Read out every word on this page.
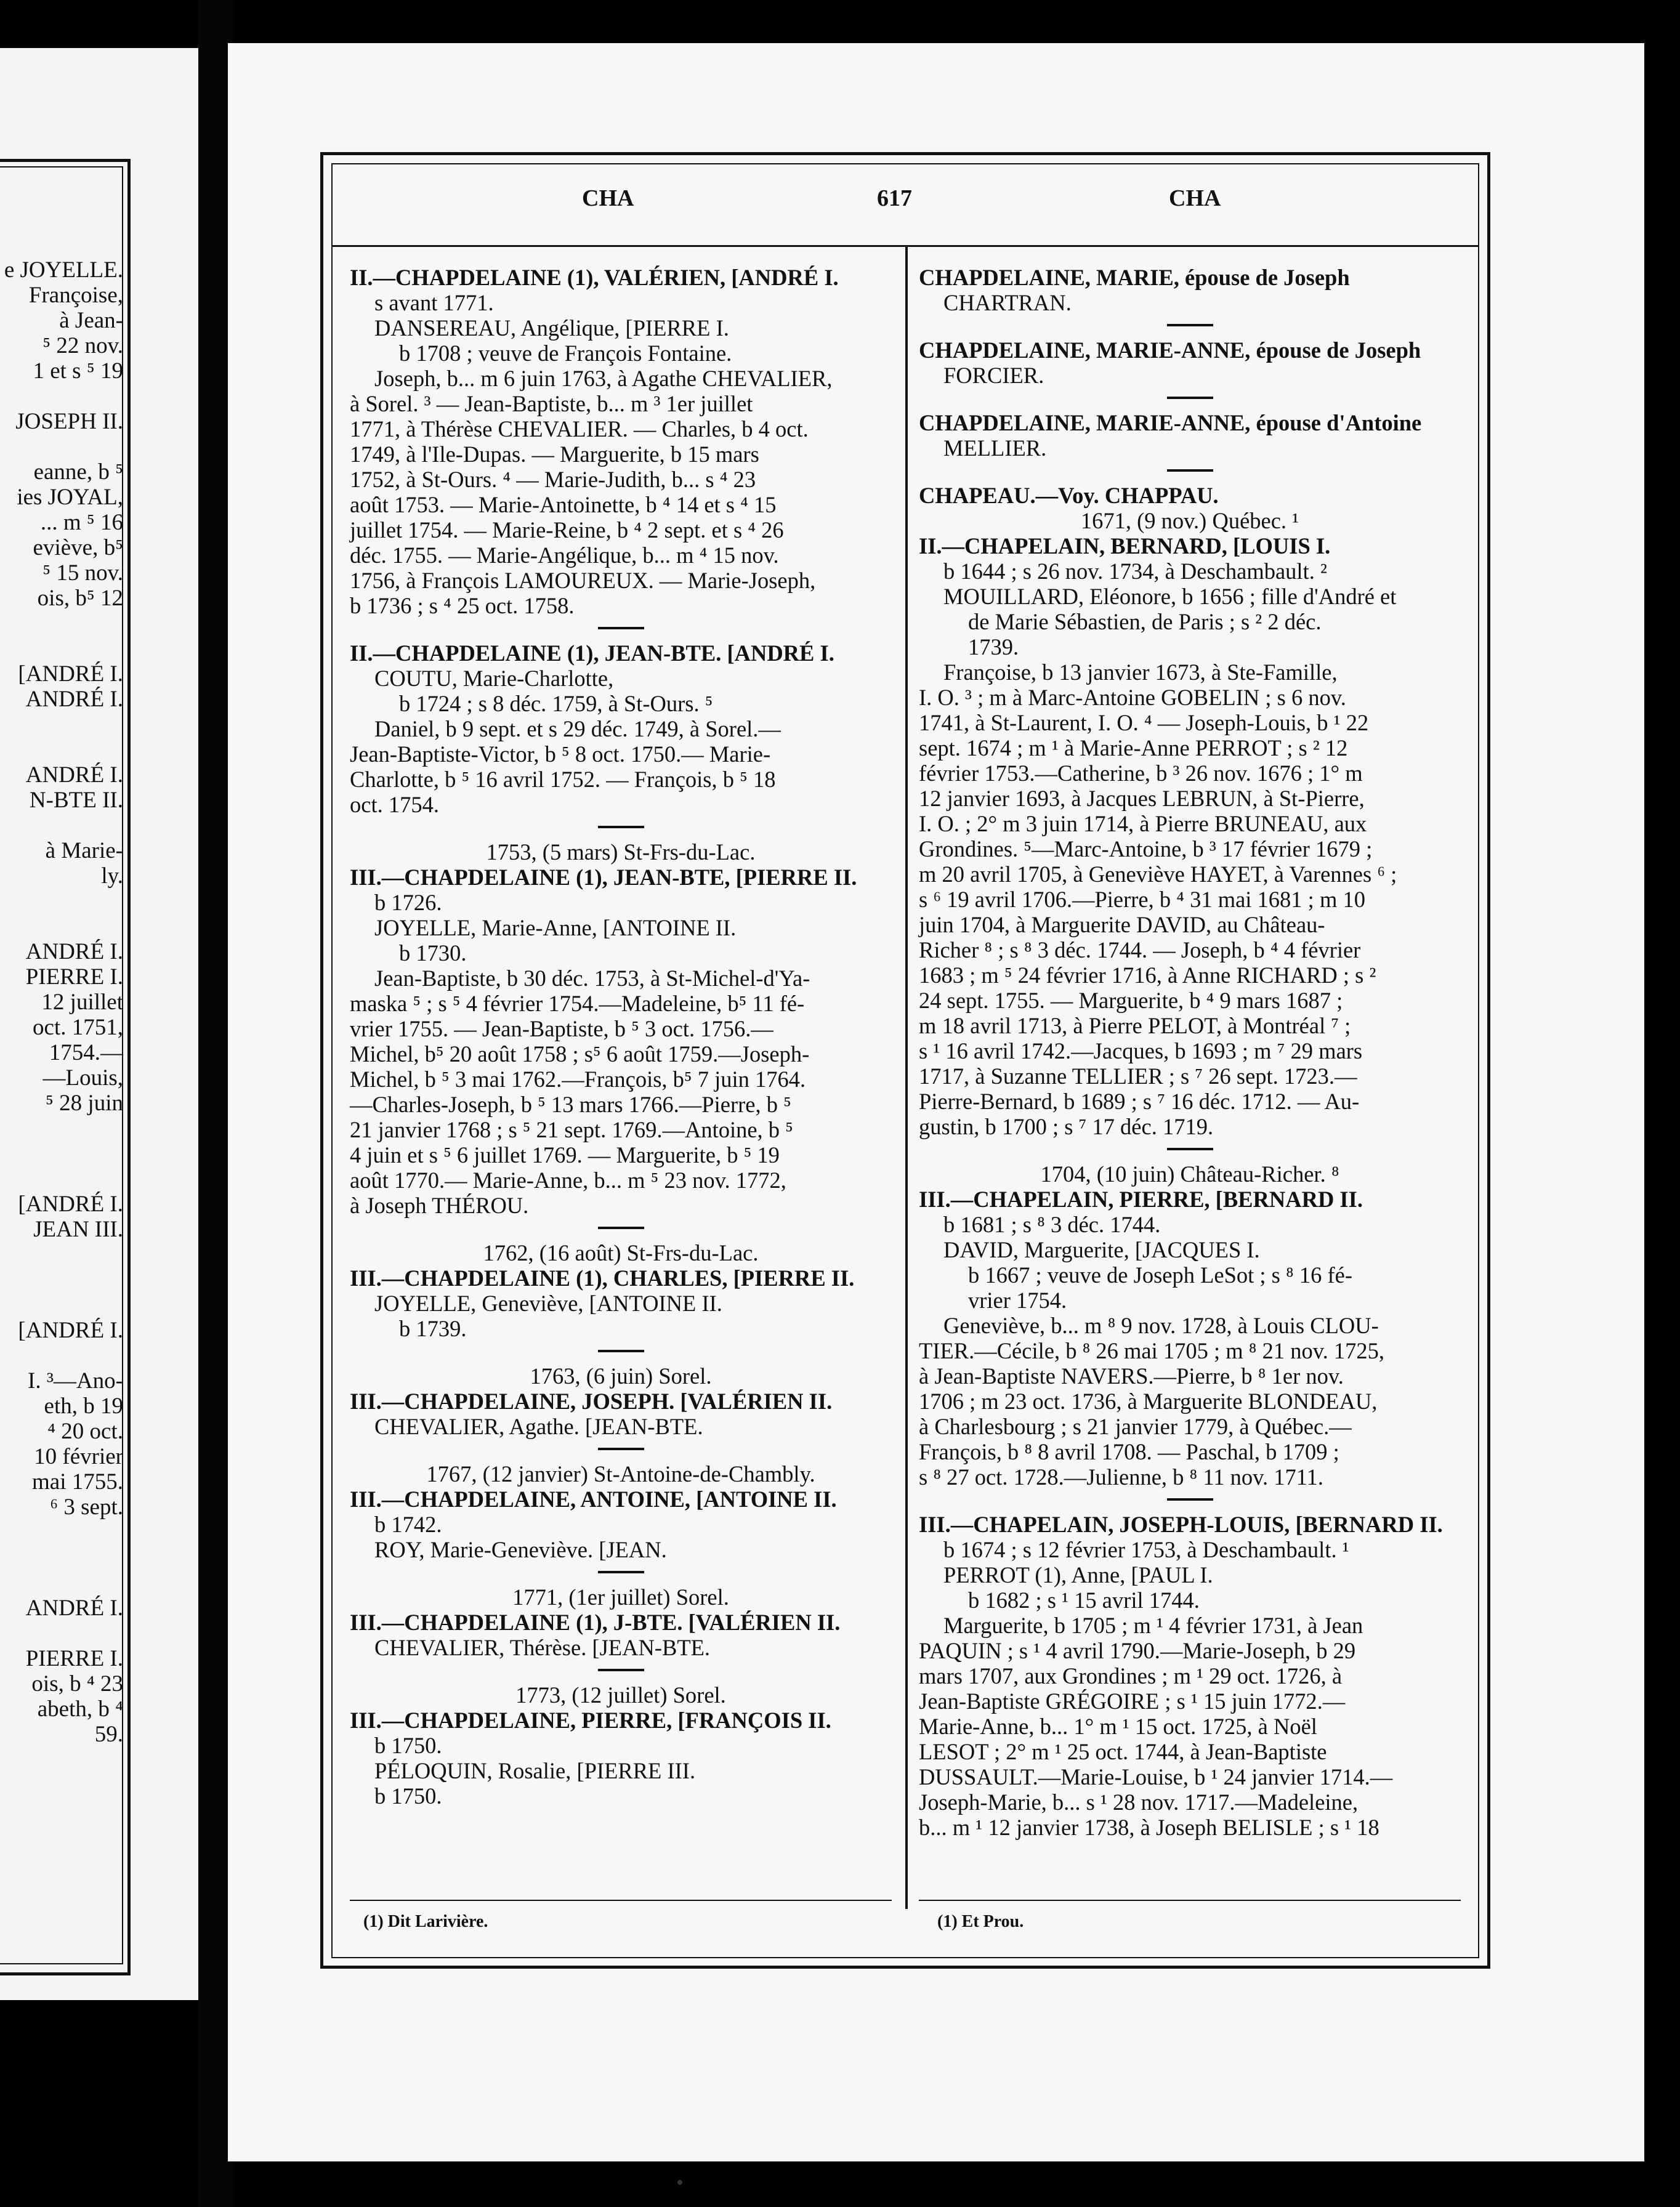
e JOYELLE.
Françoise,
à Jean-
⁵ 22 nov.
1 et s ⁵ 19
JOSEPH II.
eanne, b ⁵
ies JOYAL,
... m ⁵ 16
eviève, b⁵
⁵ 15 nov.
ois, b⁵ 12
[ANDRÉ I.
ANDRÉ I.
ANDRÉ I.
N-BTE II.
à Marie-
ly.
ANDRÉ I.
PIERRE I.
12 juillet
oct. 1751,
1754.—
—Louis,
⁵ 28 juin
[ANDRÉ I.
JEAN III.
[ANDRÉ I.
I. ³—Ano-
eth, b 19
⁴ 20 oct.
10 février
mai 1755.
⁶ 3 sept.
ANDRÉ I.
PIERRE I.
ois, b ⁴ 23
abeth, b ⁴
59.
CHA	617	CHA
II.—CHAPDELAINE (1), VALÉRIEN, [ANDRÉ I.
s avant 1771.
DANSEREAU, Angélique, [PIERRE I.
b 1708 ; veuve de François Fontaine.
Joseph, b... m 6 juin 1763, à Agathe CHEVALIER,
à Sorel. ³ — Jean-Baptiste, b... m ³ 1er juillet
1771, à Thérèse CHEVALIER. — Charles, b 4 oct.
1749, à l'Ile-Dupas. — Marguerite, b 15 mars
1752, à St-Ours. ⁴ — Marie-Judith, b... s ⁴ 23
août 1753. — Marie-Antoinette, b ⁴ 14 et s ⁴ 15
juillet 1754. — Marie-Reine, b ⁴ 2 sept. et s ⁴ 26
déc. 1755. — Marie-Angélique, b... m ⁴ 15 nov.
1756, à François LAMOUREUX. — Marie-Joseph,
b 1736 ; s ⁴ 25 oct. 1758.
II.—CHAPDELAINE (1), JEAN-BTE. [ANDRÉ I.
COUTU, Marie-Charlotte,
b 1724 ; s 8 déc. 1759, à St-Ours. ⁵
Daniel, b 9 sept. et s 29 déc. 1749, à Sorel.—
Jean-Baptiste-Victor, b ⁵ 8 oct. 1750.— Marie-
Charlotte, b ⁵ 16 avril 1752. — François, b ⁵ 18
oct. 1754.
1753, (5 mars) St-Frs-du-Lac.
III.—CHAPDELAINE (1), JEAN-BTE, [PIERRE II.
b 1726.
JOYELLE, Marie-Anne, [ANTOINE II.
b 1730.
Jean-Baptiste, b 30 déc. 1753, à St-Michel-d'Ya-
maska ⁵ ; s ⁵ 4 février 1754.—Madeleine, b⁵ 11 fé-
vrier 1755. — Jean-Baptiste, b ⁵ 3 oct. 1756.—
Michel, b⁵ 20 août 1758 ; s⁵ 6 août 1759.—Joseph-
Michel, b ⁵ 3 mai 1762.—François, b⁵ 7 juin 1764.
—Charles-Joseph, b ⁵ 13 mars 1766.—Pierre, b ⁵
21 janvier 1768 ; s ⁵ 21 sept. 1769.—Antoine, b ⁵
4 juin et s ⁵ 6 juillet 1769. — Marguerite, b ⁵ 19
août 1770.— Marie-Anne, b... m ⁵ 23 nov. 1772,
à Joseph THÉROU.
1762, (16 août) St-Frs-du-Lac.
III.—CHAPDELAINE (1), CHARLES, [PIERRE II.
JOYELLE, Geneviève, [ANTOINE II.
b 1739.
1763, (6 juin) Sorel.
III.—CHAPDELAINE, JOSEPH. [VALÉRIEN II.
CHEVALIER, Agathe. [JEAN-BTE.
1767, (12 janvier) St-Antoine-de-Chambly.
III.—CHAPDELAINE, ANTOINE, [ANTOINE II.
b 1742.
ROY, Marie-Geneviève. [JEAN.
1771, (1er juillet) Sorel.
III.—CHAPDELAINE (1), J-BTE. [VALÉRIEN II.
CHEVALIER, Thérèse. [JEAN-BTE.
1773, (12 juillet) Sorel.
III.—CHAPDELAINE, PIERRE, [FRANÇOIS II.
b 1750.
PÉLOQUIN, Rosalie, [PIERRE III.
b 1750.
CHAPDELAINE, MARIE, épouse de Joseph
CHARTRAN.
CHAPDELAINE, MARIE-ANNE, épouse de Joseph
FORCIER.
CHAPDELAINE, MARIE-ANNE, épouse d'Antoine
MELLIER.
CHAPEAU.—Voy. CHAPPAU.
1671, (9 nov.) Québec. ¹
II.—CHAPELAIN, BERNARD, [LOUIS I.
b 1644 ; s 26 nov. 1734, à Deschambault. ²
MOUILLARD, Eléonore, b 1656 ; fille d'André et
de Marie Sébastien, de Paris ; s ² 2 déc.
1739.
Françoise, b 13 janvier 1673, à Ste-Famille,
I. O. ³ ; m à Marc-Antoine GOBELIN ; s 6 nov.
1741, à St-Laurent, I. O. ⁴ — Joseph-Louis, b ¹ 22
sept. 1674 ; m ¹ à Marie-Anne PERROT ; s ² 12
février 1753.—Catherine, b ³ 26 nov. 1676 ; 1° m
12 janvier 1693, à Jacques LEBRUN, à St-Pierre,
I. O. ; 2° m 3 juin 1714, à Pierre BRUNEAU, aux
Grondines. ⁵—Marc-Antoine, b ³ 17 février 1679 ;
m 20 avril 1705, à Geneviève HAYET, à Varennes ⁶ ;
s ⁶ 19 avril 1706.—Pierre, b ⁴ 31 mai 1681 ; m 10
juin 1704, à Marguerite DAVID, au Château-
Richer ⁸ ; s ⁸ 3 déc. 1744. — Joseph, b ⁴ 4 février
1683 ; m ⁵ 24 février 1716, à Anne RICHARD ; s ²
24 sept. 1755. — Marguerite, b ⁴ 9 mars 1687 ;
m 18 avril 1713, à Pierre PELOT, à Montréal ⁷ ;
s ¹ 16 avril 1742.—Jacques, b 1693 ; m ⁷ 29 mars
1717, à Suzanne TELLIER ; s ⁷ 26 sept. 1723.—
Pierre-Bernard, b 1689 ; s ⁷ 16 déc. 1712. — Au-
gustin, b 1700 ; s ⁷ 17 déc. 1719.
1704, (10 juin) Château-Richer. ⁸
III.—CHAPELAIN, PIERRE, [BERNARD II.
b 1681 ; s ⁸ 3 déc. 1744.
DAVID, Marguerite, [JACQUES I.
b 1667 ; veuve de Joseph LeSot ; s ⁸ 16 fé-
vrier 1754.
Geneviève, b... m ⁸ 9 nov. 1728, à Louis CLOU-
TIER.—Cécile, b ⁸ 26 mai 1705 ; m ⁸ 21 nov. 1725,
à Jean-Baptiste NAVERS.—Pierre, b ⁸ 1er nov.
1706 ; m 23 oct. 1736, à Marguerite BLONDEAU,
à Charlesbourg ; s 21 janvier 1779, à Québec.—
François, b ⁸ 8 avril 1708. — Paschal, b 1709 ;
s ⁸ 27 oct. 1728.—Julienne, b ⁸ 11 nov. 1711.
III.—CHAPELAIN, JOSEPH-LOUIS, [BERNARD II.
b 1674 ; s 12 février 1753, à Deschambault. ¹
PERROT (1), Anne, [PAUL I.
b 1682 ; s ¹ 15 avril 1744.
Marguerite, b 1705 ; m ¹ 4 février 1731, à Jean
PAQUIN ; s ¹ 4 avril 1790.—Marie-Joseph, b 29
mars 1707, aux Grondines ; m ¹ 29 oct. 1726, à
Jean-Baptiste GRÉGOIRE ; s ¹ 15 juin 1772.—
Marie-Anne, b... 1° m ¹ 15 oct. 1725, à Noël
LESOT ; 2° m ¹ 25 oct. 1744, à Jean-Baptiste
DUSSAULT.—Marie-Louise, b ¹ 24 janvier 1714.—
Joseph-Marie, b... s ¹ 28 nov. 1717.—Madeleine,
b... m ¹ 12 janvier 1738, à Joseph BELISLE ; s ¹ 18
(1) Dit Larivière.	(1) Et Prou.
